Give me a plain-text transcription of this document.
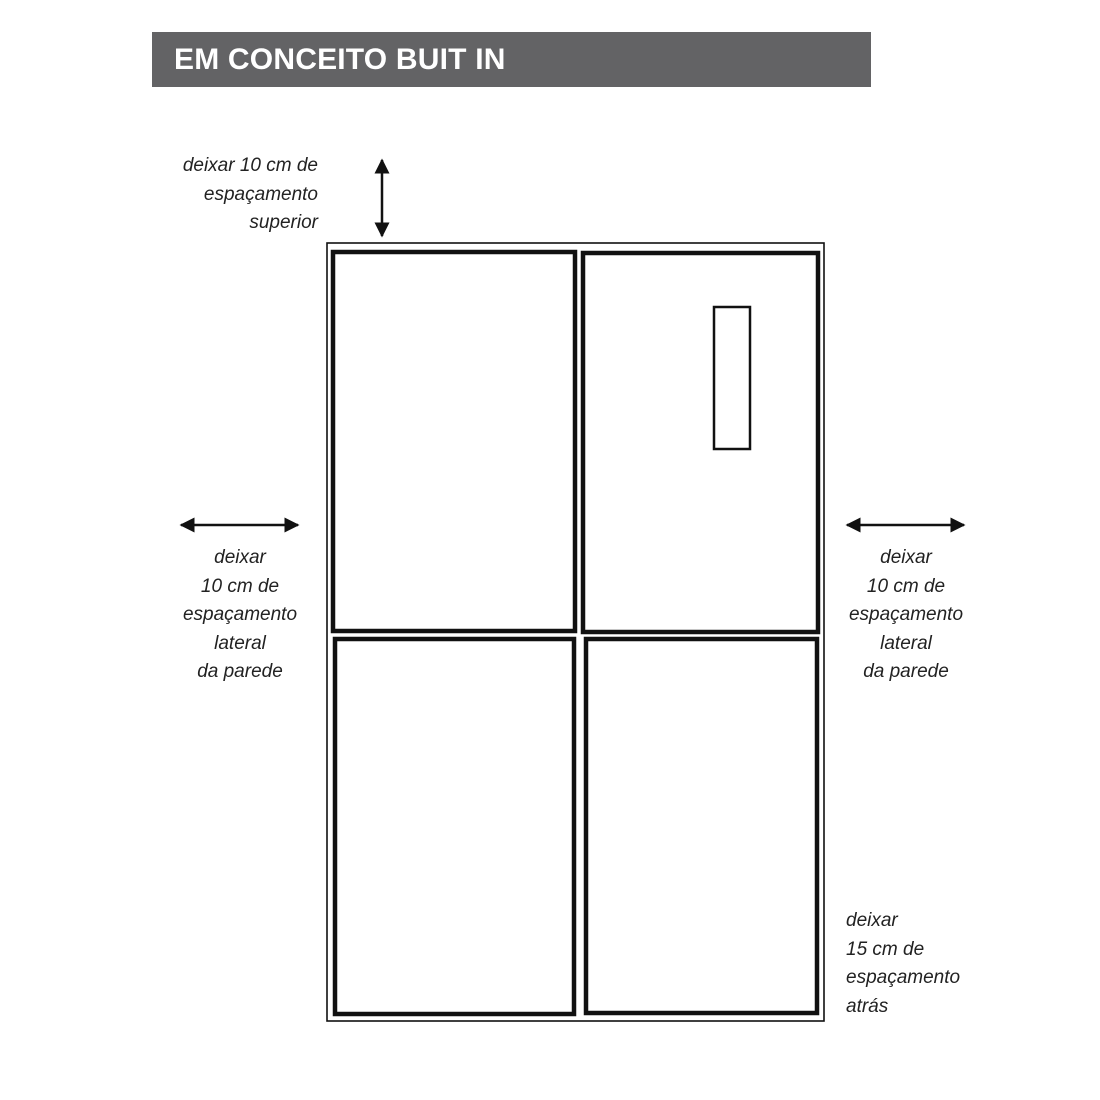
EM CONCEITO BUIT IN
deixar 10 cm de
espaçamento
superior
deixar
10 cm de
espaçamento
lateral
da parede
deixar
10 cm de
espaçamento
lateral
da parede
deixar
15 cm de
espaçamento
atrás
